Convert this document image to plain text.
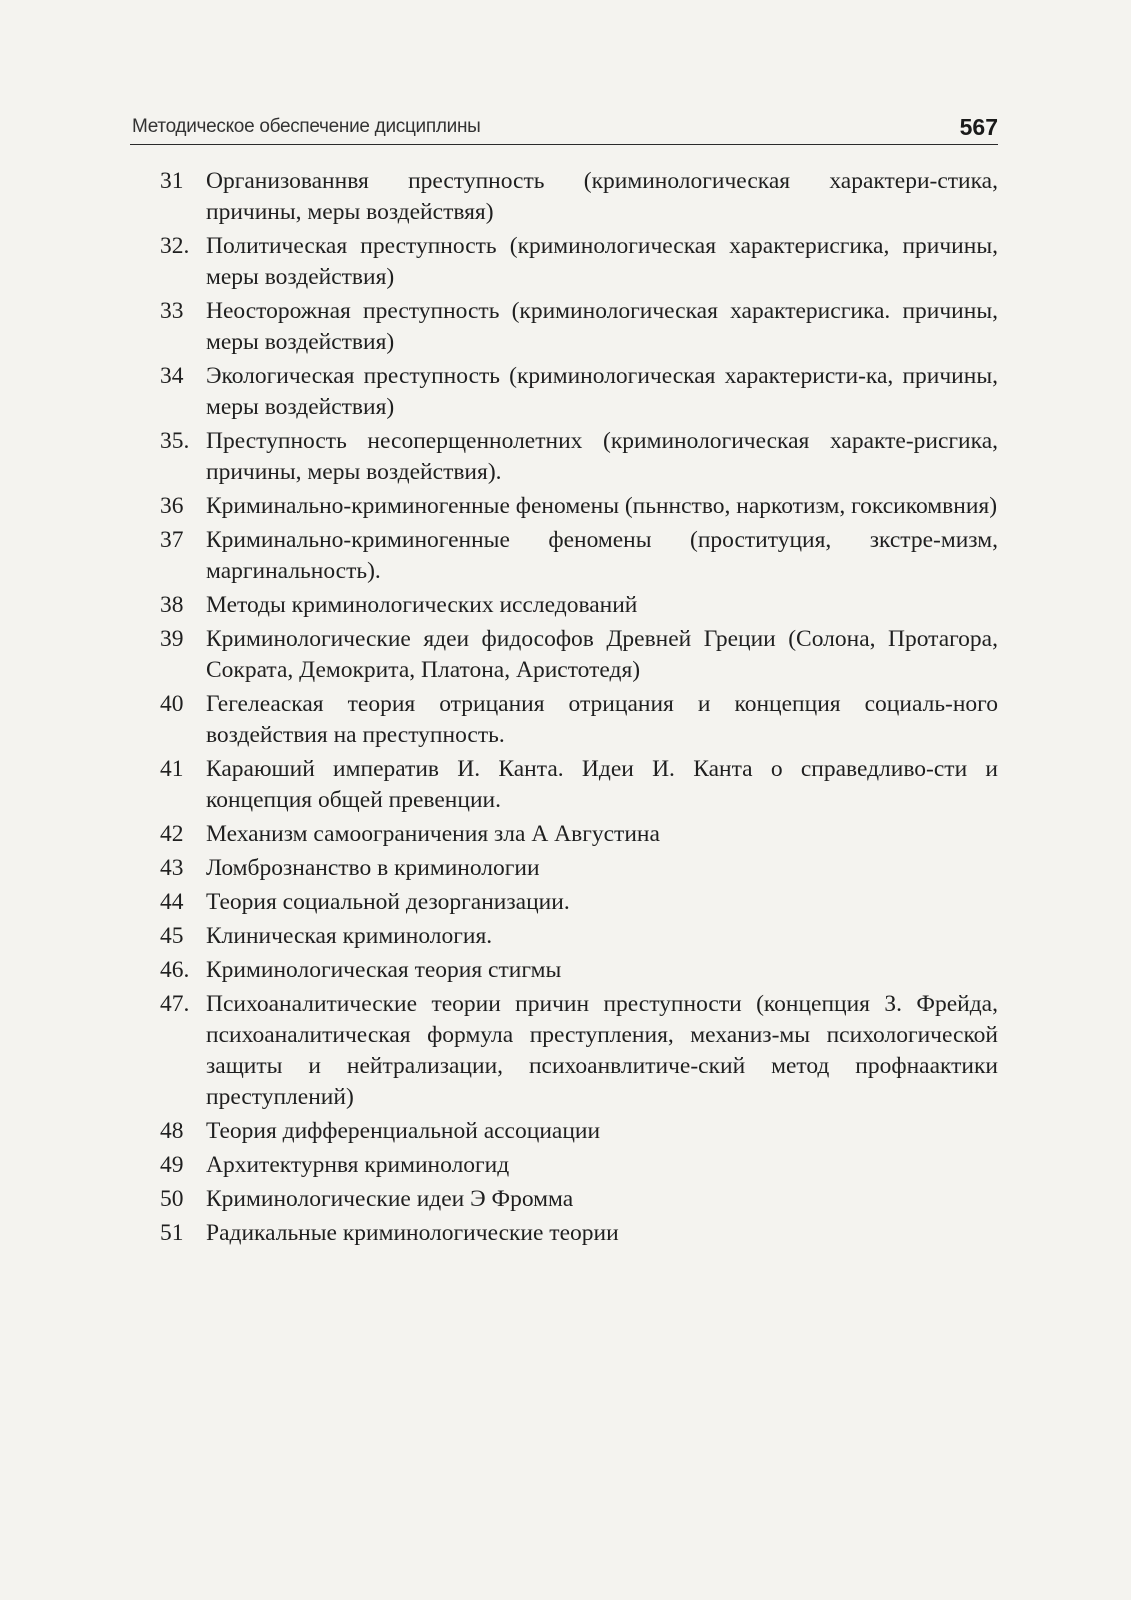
Методическое обеспечение дисциплины	567
31 Организованнвя преступность (криминологическая характери-стика, причины, меры воздействяя)
32. Политическая преступность (криминологическая характерисгика, причины, меры воздействия)
33 Неосторожная преступность (криминологическая характерисгика. причины, меры воздействия)
34 Экологическая преступность (криминологическая характеристи-ка, причины, меры воздействия)
35. Преступность несоперщеннолетних (криминологическая характе-рисгика, причины, меры воздействия).
36 Криминально-криминогенные феномены (пьннство, наркотизм, гоксикомвния)
37 Криминально-криминогенные феномены (проституция, зкстре-мизм, маргинальность).
38 Методы криминологических исследований
39 Криминологические ядеи фидософов Древней Греции (Солона, Протагора, Сократа, Демокрита, Платона, Аристотедя)
40 Гегелеаская теория отрицания отрицания и концепция социаль-ного воздействия на преступность.
41 Караюший императив И. Канта. Идеи И. Канта о справедливо-сти и концепция общей превенции.
42 Механизм самоограничения зла А Августина
43 Ломбрознанство в криминологии
44 Теория социальной дезорганизации.
45 Клиническая криминология.
46. Криминологическая теория стигмы
47. Психоаналитические теории причин преступности (концепция З. Фрейда, психоаналитическая формула преступления, механиз-мы психологической защиты и нейтрализации, психоанвлитиче-ский метод профнаактики преступлений)
48 Теория дифференциальной ассоциации
49 Архитектурнвя криминологид
50 Криминологические идеи Э Фромма
51 Радикальные криминологические теории
